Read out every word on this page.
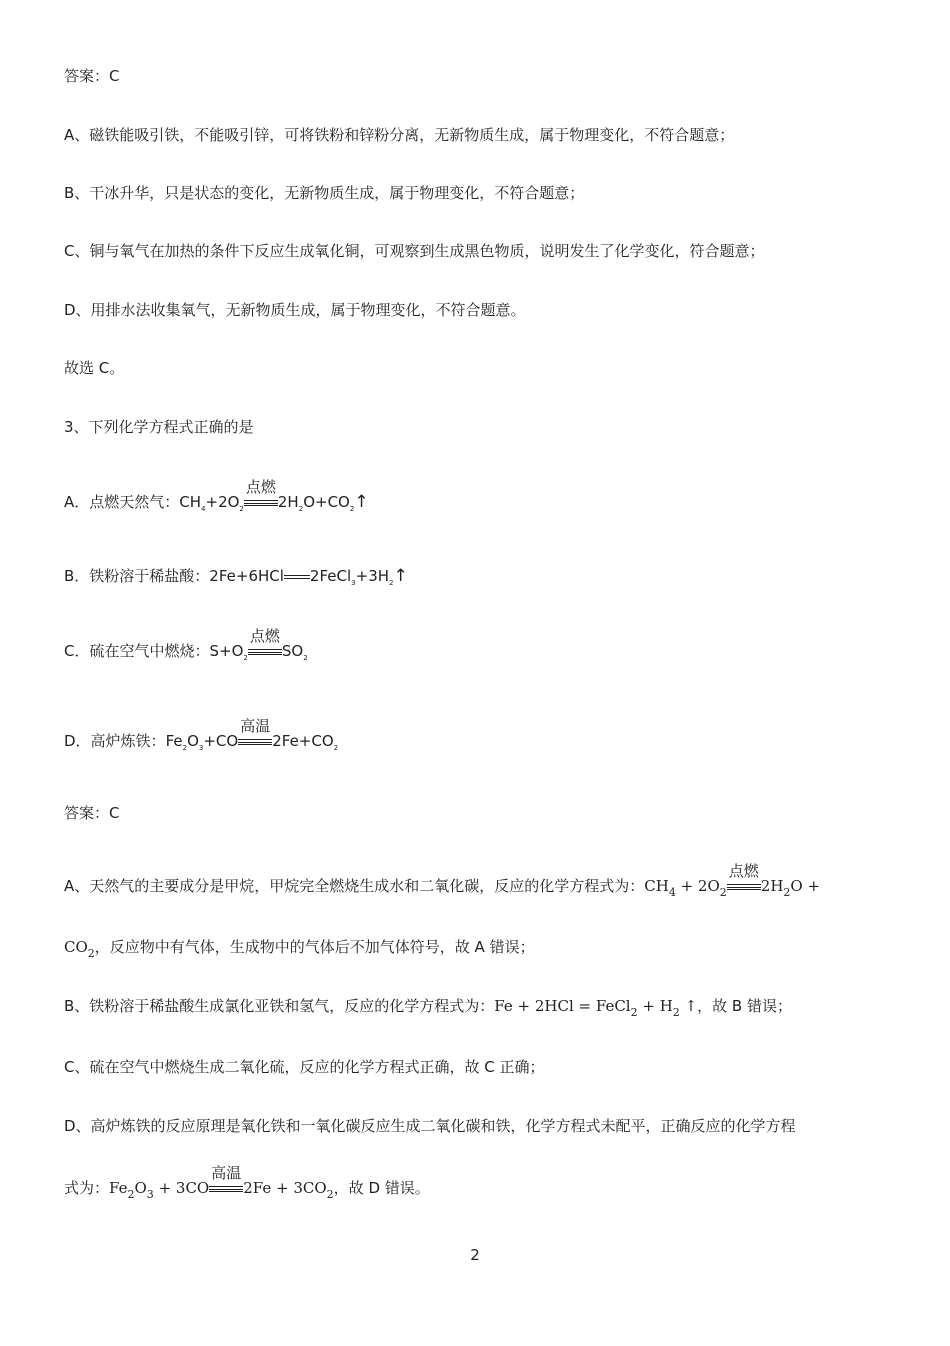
答案：C
A、磁铁能吸引铁，不能吸引锌，可将铁粉和锌粉分离，无新物质生成，属于物理变化，不符合题意；
B、干冰升华，只是状态的变化，无新物质生成，属于物理变化，不符合题意；
C、铜与氧气在加热的条件下反应生成氧化铜，可观察到生成黑色物质，说明发生了化学变化，符合题意；
D、用排水法收集氧气，无新物质生成，属于物理变化，不符合题意。
故选 C。
3、下列化学方程式正确的是
A．点燃天然气：$CH_4+2O_2$
点燃
$2H_2O+CO_2↑$
B．铁粉溶于稀盐酸：2Fe+6HCl $2FeCl_3+3H_2↑$
C．硫在空气中燃烧：$S+O_2$
点燃
$SO_2$
D．高炉炼铁：$Fe_2O_3+CO$
高温
$2Fe+CO_2$
答案：C
A、天然气的主要成分是甲烷，甲烷完全燃烧生成水和二氧化碳，反应的化学方程式为：$CH_4 + 2O_2$
点燃
$2H_2O$ +
$CO_2$，反应物中有气体，生成物中的气体后不加气体符号，故 A 错误；
B、铁粉溶于稀盐酸生成氯化亚铁和氢气，反应的化学方程式为：Fe + 2HCl = FeCl$_2$ + $H_2$ ↑，故 B 错误；
C、硫在空气中燃烧生成二氧化硫，反应的化学方程式正确，故 C 正确；
D、高炉炼铁的反应原理是氧化铁和一氧化碳反应生成二氧化碳和铁，化学方程式未配平，正确反应的化学方程
式为：$Fe_2O_3 + 3CO$
高温
$2Fe + 3CO_2$，故 D 错误。
2
